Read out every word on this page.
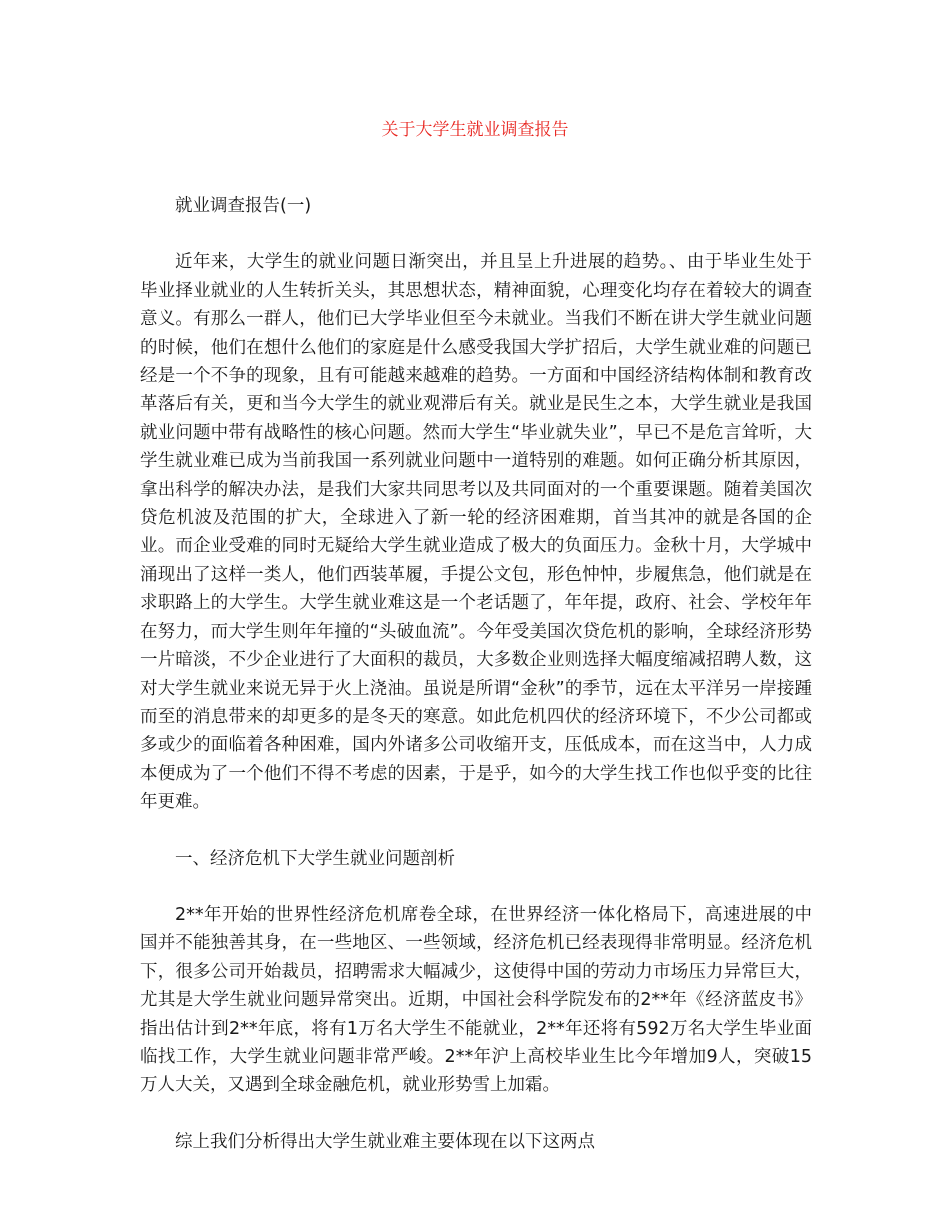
关于大学生就业调查报告

就业调查报告(一)

近年来，大学生的就业问题日渐突出，并且呈上升进展的趋势。、由于毕业生处于毕业择业就业的人生转折关头，其思想状态，精神面貌，心理变化均存在着较大的调查意义。有那么一群人，他们已大学毕业但至今未就业。当我们不断在讲大学生就业问题的时候，他们在想什么他们的家庭是什么感受我国大学扩招后，大学生就业难的问题已经是一个不争的现象，且有可能越来越难的趋势。一方面和中国经济结构体制和教育改革落后有关，更和当今大学生的就业观滞后有关。就业是民生之本，大学生就业是我国就业问题中带有战略性的核心问题。然而大学生“毕业就失业”，早已不是危言耸听，大学生就业难已成为当前我国一系列就业问题中一道特别的难题。如何正确分析其原因，拿出科学的解决办法，是我们大家共同思考以及共同面对的一个重要课题。随着美国次贷危机波及范围的扩大，全球进入了新一轮的经济困难期，首当其冲的就是各国的企业。而企业受难的同时无疑给大学生就业造成了极大的负面压力。金秋十月，大学城中涌现出了这样一类人，他们西装革履，手提公文包，形色忡忡，步履焦急，他们就是在求职路上的大学生。大学生就业难这是一个老话题了，年年提，政府、社会、学校年年在努力，而大学生则年年撞的“头破血流”。今年受美国次贷危机的影响，全球经济形势一片暗淡，不少企业进行了大面积的裁员，大多数企业则选择大幅度缩减招聘人数，这对大学生就业来说无异于火上浇油。虽说是所谓“金秋”的季节，远在太平洋另一岸接踵而至的消息带来的却更多的是冬天的寒意。如此危机四伏的经济环境下，不少公司都或多或少的面临着各种困难，国内外诸多公司收缩开支，压低成本，而在这当中，人力成本便成为了一个他们不得不考虑的因素，于是乎，如今的大学生找工作也似乎变的比往年更难。

一、经济危机下大学生就业问题剖析

2**年开始的世界性经济危机席卷全球，在世界经济一体化格局下，高速进展的中国并不能独善其身，在一些地区、一些领域，经济危机已经表现得非常明显。经济危机下，很多公司开始裁员，招聘需求大幅减少，这使得中国的劳动力市场压力异常巨大，尤其是大学生就业问题异常突出。近期，中国社会科学院发布的2**年《经济蓝皮书》指出估计到2**年底，将有1万名大学生不能就业，2**年还将有592万名大学生毕业面临找工作，大学生就业问题非常严峻。2**年沪上高校毕业生比今年增加9人，突破15万人大关，又遇到全球金融危机，就业形势雪上加霜。

综上我们分析得出大学生就业难主要体现在以下这两点
